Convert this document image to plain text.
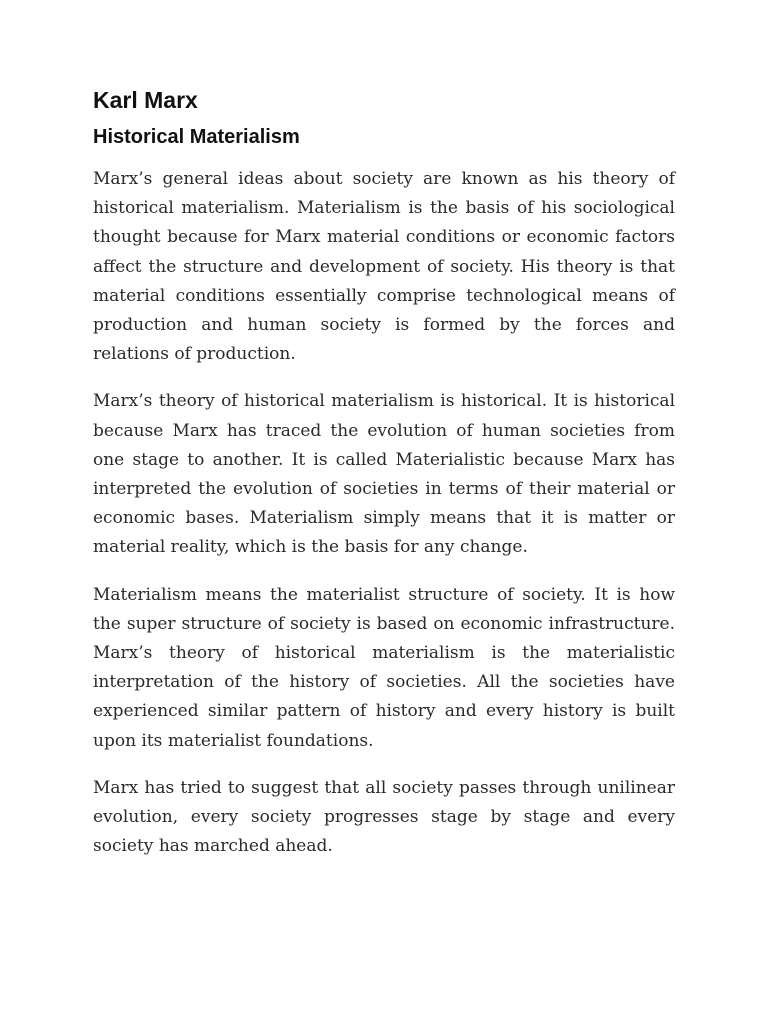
Karl Marx
Historical Materialism

Marx’s general ideas about society are known as his theory of historical materialism. Materialism is the basis of his sociological thought because for Marx material conditions or economic factors affect the structure and development of society. His theory is that material conditions essentially comprise technological means of production and human society is formed by the forces and relations of production.

Marx’s theory of historical materialism is historical. It is historical because Marx has traced the evolution of human societies from one stage to another. It is called Materialistic because Marx has interpreted the evolution of societies in terms of their material or economic bases. Materialism simply means that it is matter or material reality, which is the basis for any change.

Materialism means the materialist structure of society. It is how the super structure of society is based on economic infrastructure. Marx’s theory of historical materialism is the materialistic interpretation of the history of societies. All the societies have experienced similar pattern of history and every history is built upon its materialist foundations.

Marx has tried to suggest that all society passes through unilinear evolution, every society progresses stage by stage and every society has marched ahead.
